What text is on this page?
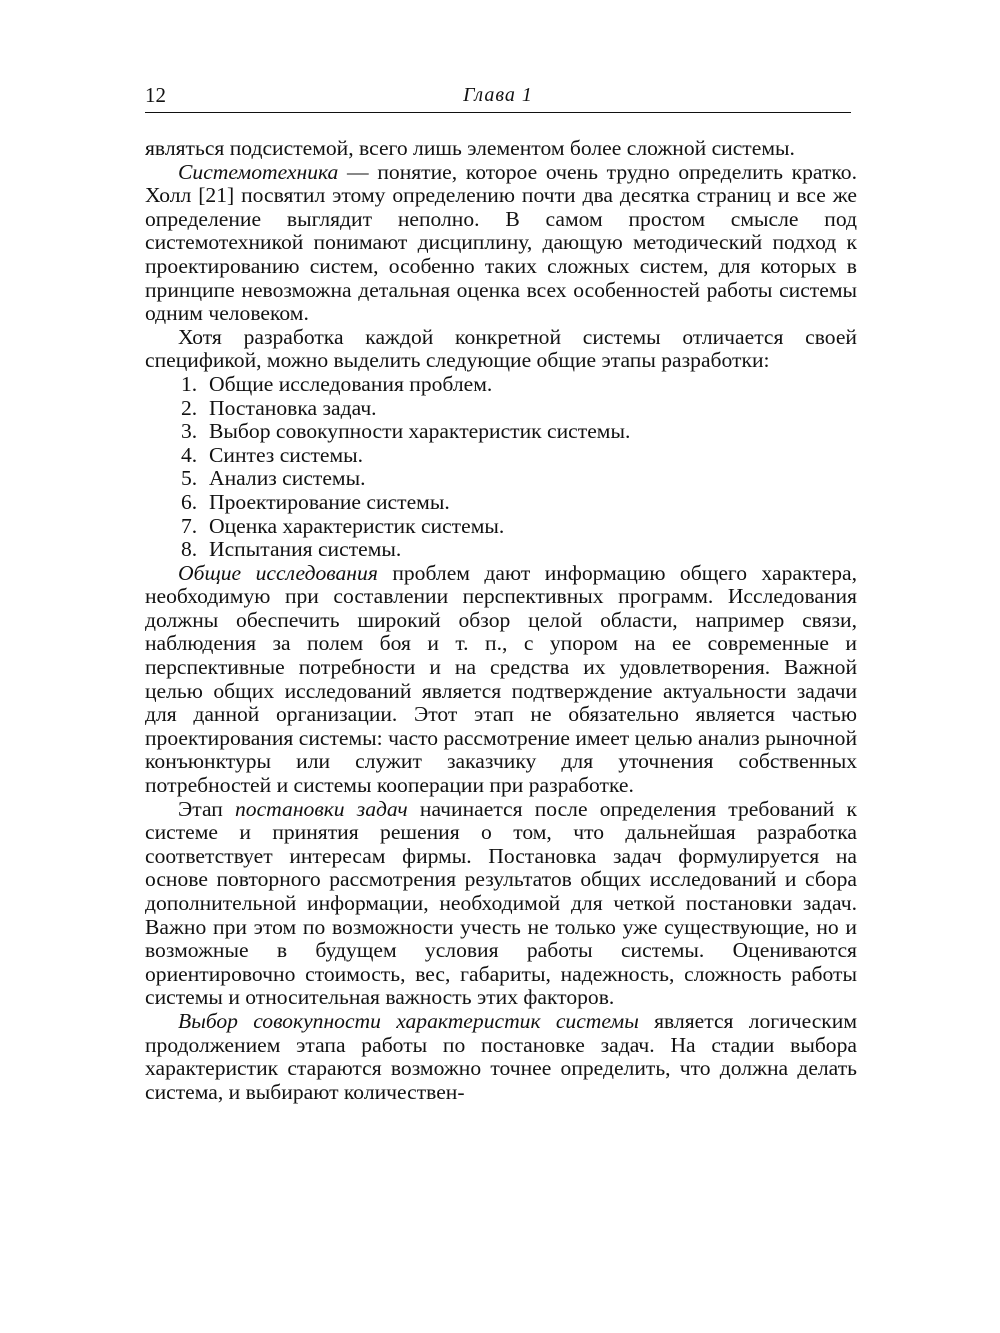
12	Глава 1

являться подсистемой, всего лишь элементом более сложной системы.

Системотехника — понятие, которое очень трудно определить кратко. Холл [21] посвятил этому определению почти два десятка страниц и все же определение выглядит неполно. В самом простом смысле под системотехникой понимают дисциплину, дающую методический подход к проектированию систем, особенно таких сложных систем, для которых в принципе невозможна детальная оценка всех особенностей работы системы одним человеком.

Хотя разработка каждой конкретной системы отличается своей спецификой, можно выделить следующие общие этапы разработки:

1. Общие исследования проблем.
2. Постановка задач.
3. Выбор совокупности характеристик системы.
4. Синтез системы.
5. Анализ системы.
6. Проектирование системы.
7. Оценка характеристик системы.
8. Испытания системы.

Общие исследования проблем дают информацию общего характера, необходимую при составлении перспективных программ. Исследования должны обеспечить широкий обзор целой области, например связи, наблюдения за полем боя и т. п., с упором на ее современные и перспективные потребности и на средства их удовлетворения. Важной целью общих исследований является подтверждение актуальности задачи для данной организации. Этот этап не обязательно является частью проектирования системы: часто рассмотрение имеет целью анализ рыночной конъюнктуры или служит заказчику для уточнения собственных потребностей и системы кооперации при разработке.

Этап постановки задач начинается после определения требований к системе и принятия решения о том, что дальнейшая разработка соответствует интересам фирмы. Постановка задач формулируется на основе повторного рассмотрения результатов общих исследований и сбора дополнительной информации, необходимой для четкой постановки задач. Важно при этом по возможности учесть не только уже существующие, но и возможные в будущем условия работы системы. Оцениваются ориентировочно стоимость, вес, габариты, надежность, сложность работы системы и относительная важность этих факторов.

Выбор совокупности характеристик системы является логическим продолжением этапа работы по постановке задач. На стадии выбора характеристик стараются возможно точнее определить, что должна делать система, и выбирают количествен-
